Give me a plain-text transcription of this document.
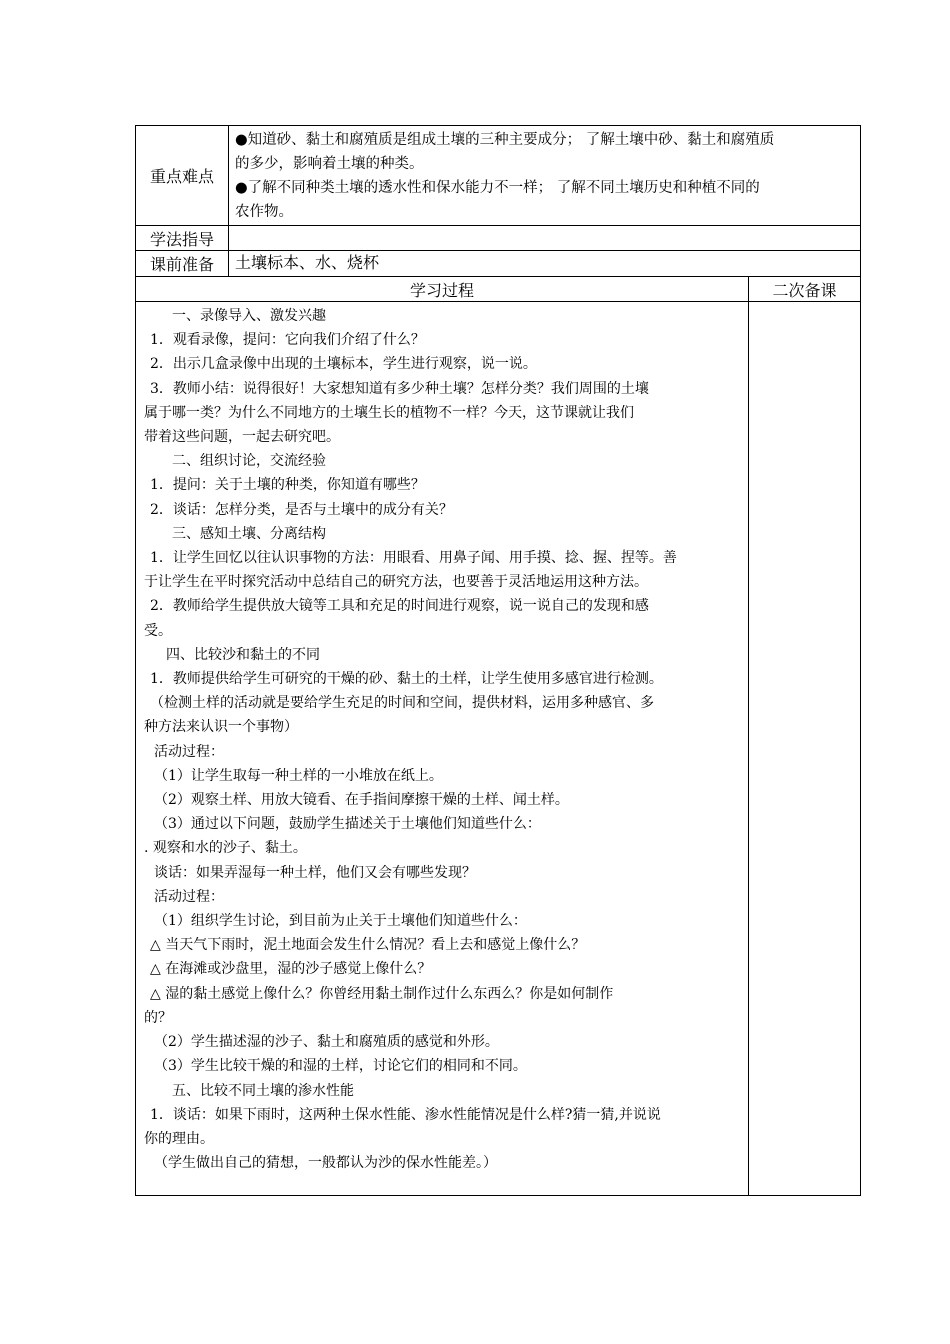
重点难点

●知道砂、黏土和腐殖质是组成土壤的三种主要成分； 了解土壤中砂、黏土和腐殖质

的多少，影响着土壤的种类。

●了解不同种类土壤的透水性和保水能力不一样； 了解不同土壤历史和种植不同的

农作物。

学法指导
课前准备	土壤标本、水、烧杯
学习过程	二次备课

一、录像导入、激发兴趣

1．观看录像，提问：它向我们介绍了什么？

2．出示几盒录像中出现的土壤标本，学生进行观察，说一说。

3．教师小结：说得很好！大家想知道有多少种土壤？怎样分类？我们周围的土壤

属于哪一类？为什么不同地方的土壤生长的植物不一样？今天，这节课就让我们

带着这些问题，一起去研究吧。

二、组织讨论，交流经验

1．提问：关于土壤的种类，你知道有哪些？

2．谈话：怎样分类，是否与土壤中的成分有关？

三、感知土壤、分离结构

1．让学生回忆以往认识事物的方法：用眼看、用鼻子闻、用手摸、捻、握、捏等。善

于让学生在平时探究活动中总结自己的研究方法，也要善于灵活地运用这种方法。

2．教师给学生提供放大镜等工具和充足的时间进行观察，说一说自己的发现和感

受。

四、比较沙和黏土的不同

1．教师提供给学生可研究的干燥的砂、黏土的土样，让学生使用多感官进行检测。

（检测土样的活动就是要给学生充足的时间和空间，提供材料，运用多种感官、多

种方法来认识一个事物）

活动过程：

（1）让学生取每一种土样的一小堆放在纸上。

（2）观察土样、用放大镜看、在手指间摩擦干燥的土样、闻土样。

（3）通过以下问题，鼓励学生描述关于土壤他们知道些什么：

. 观察和水的沙子、黏土。

谈话：如果弄湿每一种土样，他们又会有哪些发现？

活动过程：

（1）组织学生讨论，到目前为止关于土壤他们知道些什么：

△ 当天气下雨时，泥土地面会发生什么情况？看上去和感觉上像什么？

△ 在海滩或沙盘里，湿的沙子感觉上像什么？

△ 湿的黏土感觉上像什么？你曾经用黏土制作过什么东西么？你是如何制作

的？

（2）学生描述湿的沙子、黏土和腐殖质的感觉和外形。

（3）学生比较干燥的和湿的土样，讨论它们的相同和不同。

五、比较不同土壤的渗水性能

1．谈话：如果下雨时，这两种土保水性能、渗水性能情况是什么样?猜一猜,并说说

你的理由。

（学生做出自己的猜想，一般都认为沙的保水性能差。）
